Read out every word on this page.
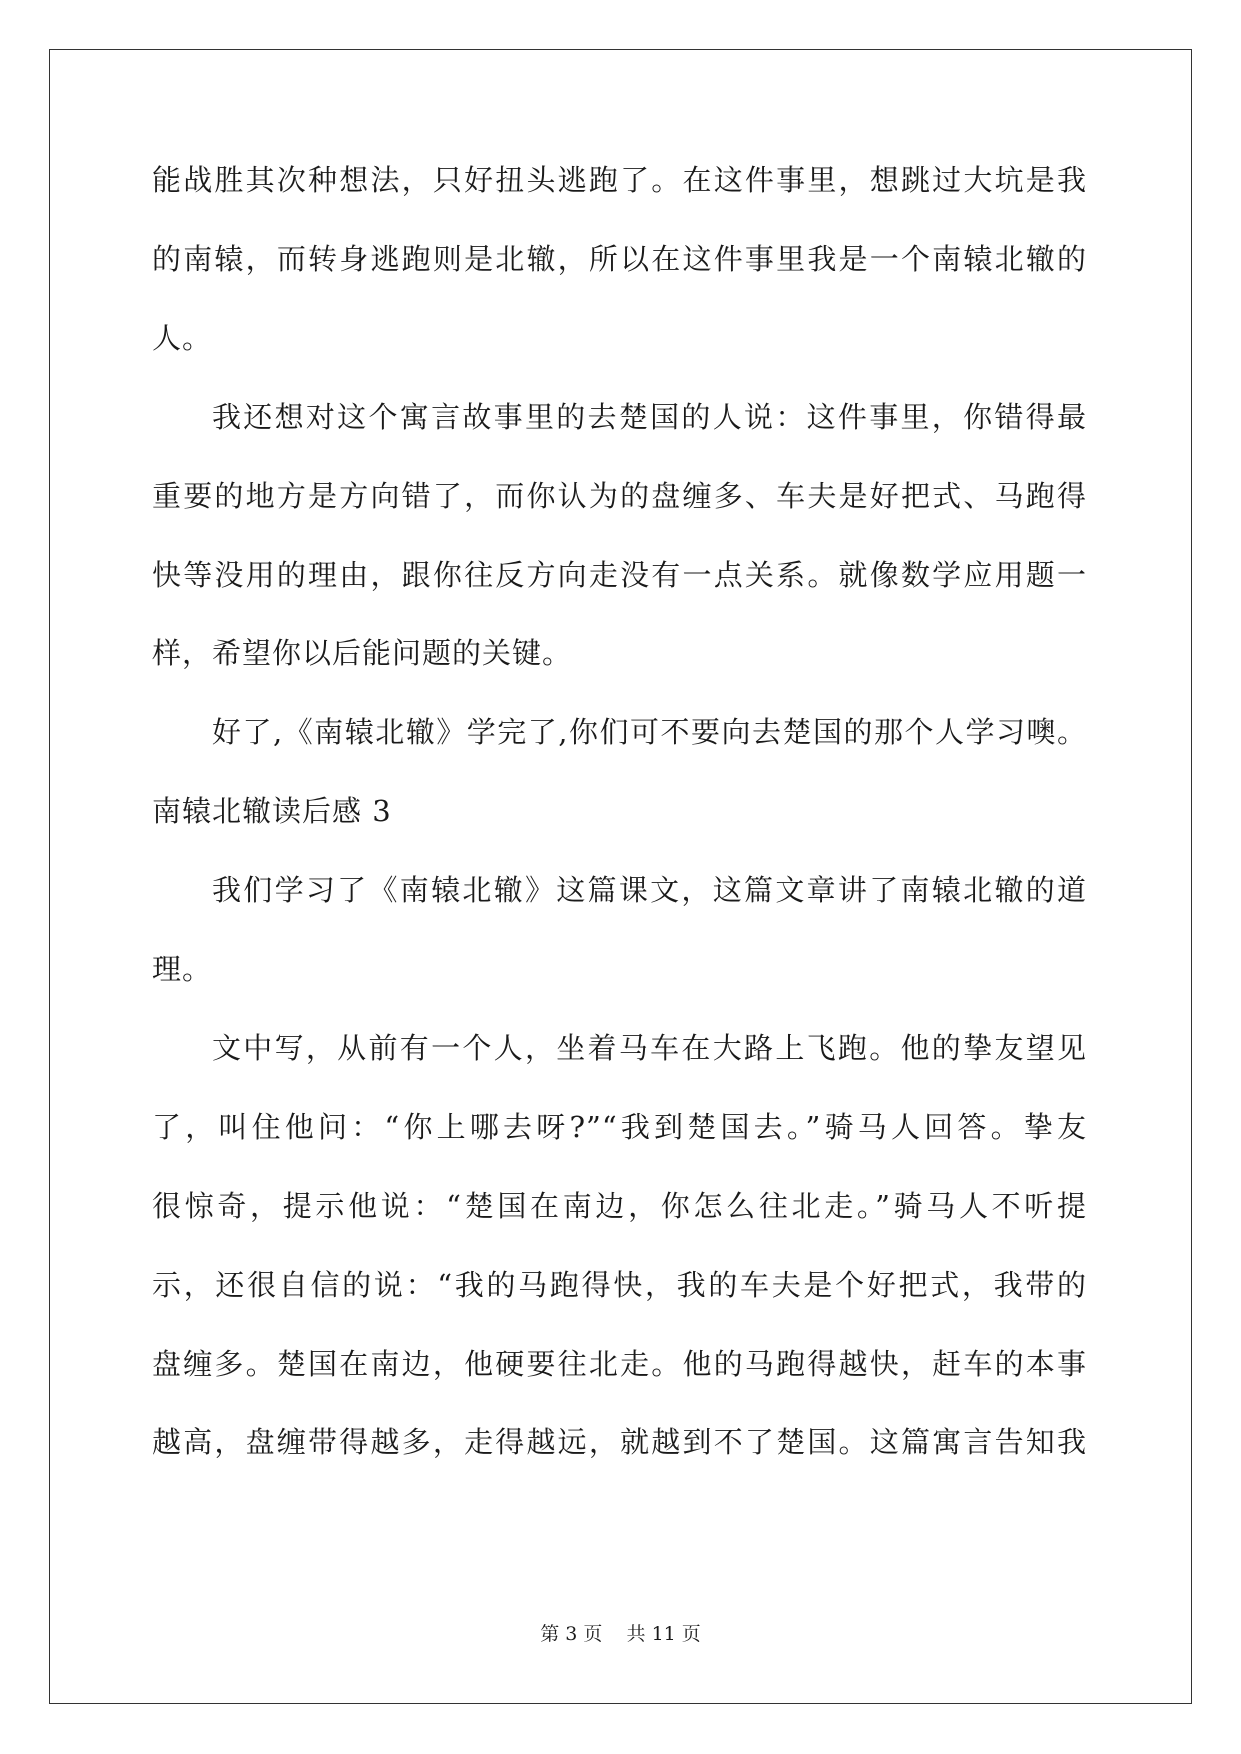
能战胜其次种想法，只好扭头逃跑了。在这件事里，想跳过大坑是我
的南辕，而转身逃跑则是北辙，所以在这件事里我是一个南辕北辙的
人。
我还想对这个寓言故事里的去楚国的人说：这件事里，你错得最
重要的地方是方向错了，而你认为的盘缠多、车夫是好把式、马跑得
快等没用的理由，跟你往反方向走没有一点关系。就像数学应用题一
样，希望你以后能问题的关键。
好了,《南辕北辙》学完了,你们可不要向去楚国的那个人学习噢。
南辕北辙读后感 3
我们学习了《南辕北辙》这篇课文，这篇文章讲了南辕北辙的道
理。
文中写，从前有一个人，坐着马车在大路上飞跑。他的挚友望见
了，叫住他问：“你上哪去呀?”“我到楚国去。”骑马人回答。挚友
很惊奇，提示他说：“楚国在南边，你怎么往北走。”骑马人不听提
示，还很自信的说：“我的马跑得快，我的车夫是个好把式，我带的
盘缠多。楚国在南边，他硬要往北走。他的马跑得越快，赶车的本事
越高，盘缠带得越多，走得越远，就越到不了楚国。这篇寓言告知我
第 3 页    共 11 页
